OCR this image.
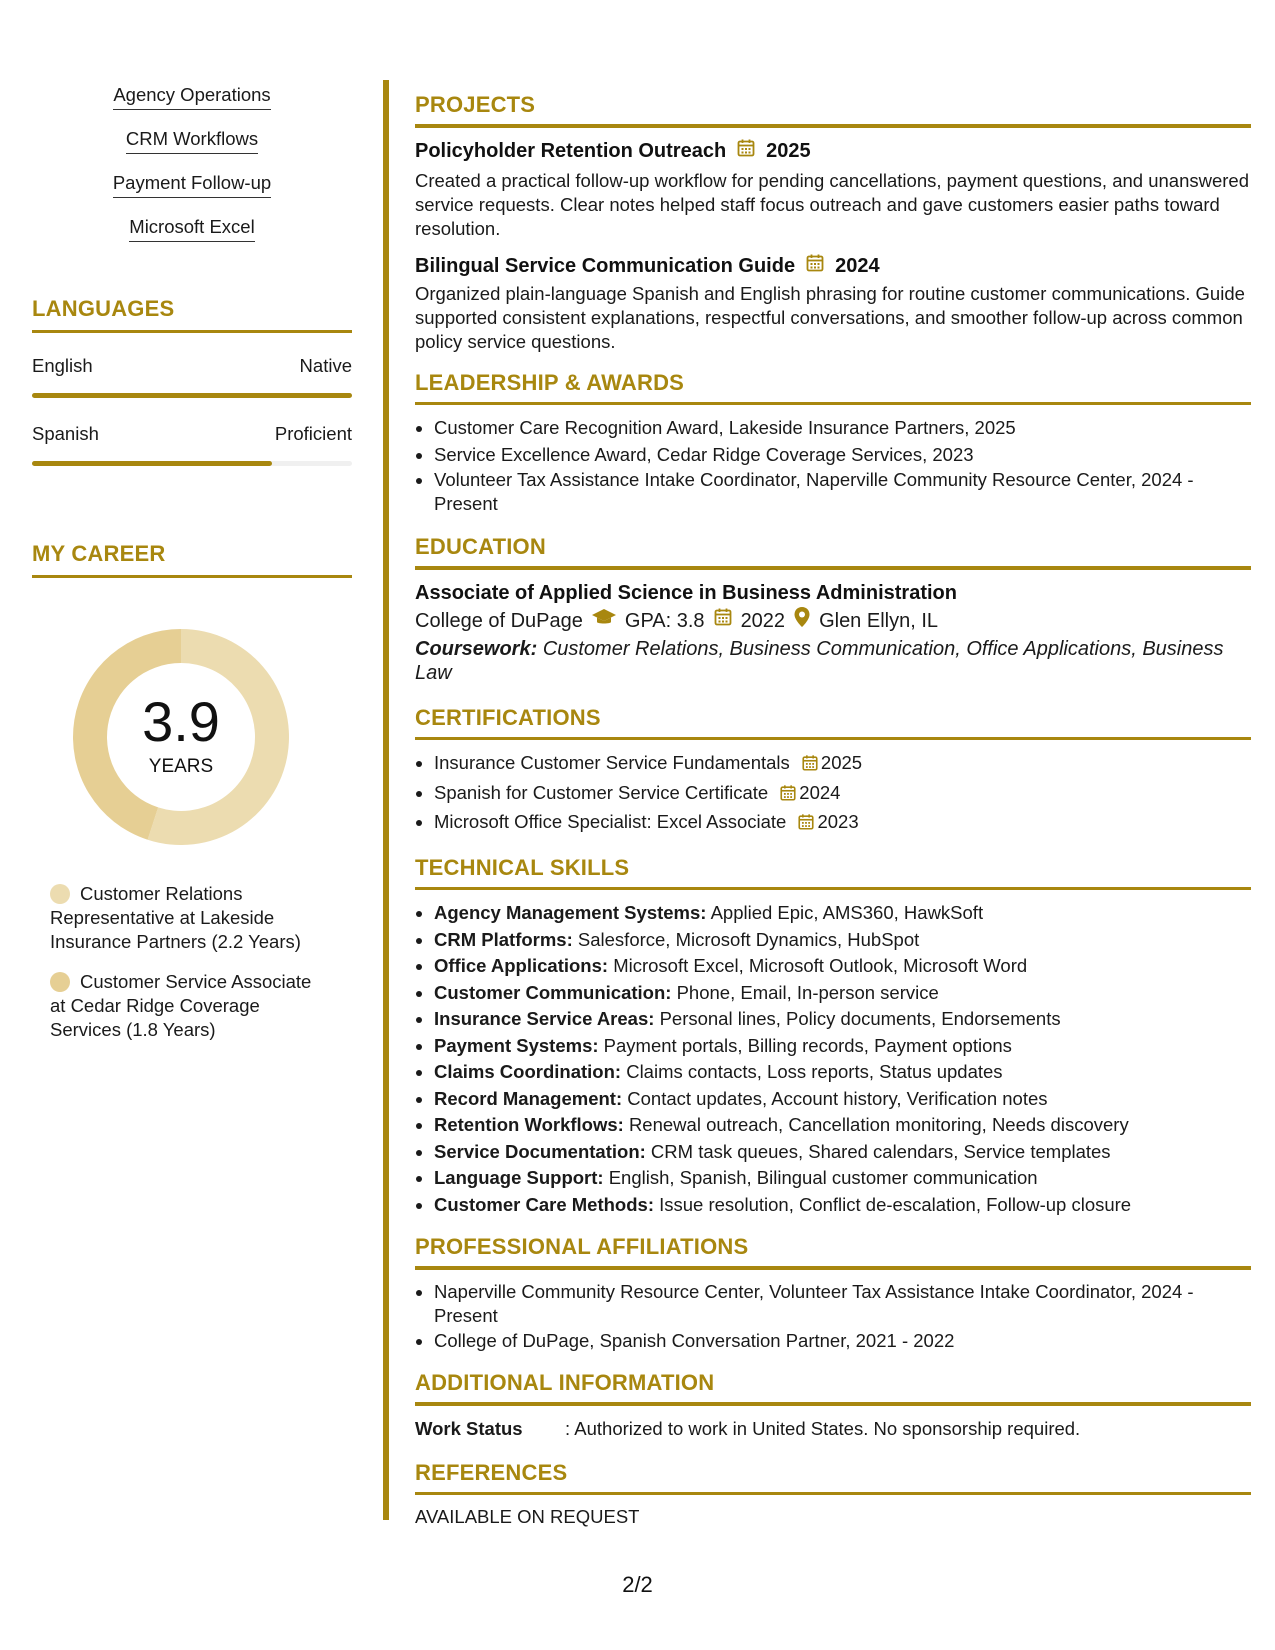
Agency Operations
CRM Workflows
Payment Follow-up
Microsoft Excel
LANGUAGES
English	Native
Spanish	Proficient
MY CAREER
3.9
YEARS
Customer Relations Representative at Lakeside Insurance Partners (2.2 Years)
Customer Service Associate at Cedar Ridge Coverage Services (1.8 Years)
PROJECTS
Policyholder Retention Outreach 2025
Created a practical follow-up workflow for pending cancellations, payment questions, and unanswered service requests. Clear notes helped staff focus outreach and gave customers easier paths toward resolution.
Bilingual Service Communication Guide 2024
Organized plain-language Spanish and English phrasing for routine customer communications. Guide supported consistent explanations, respectful conversations, and smoother follow-up across common policy service questions.
LEADERSHIP & AWARDS
• Customer Care Recognition Award, Lakeside Insurance Partners, 2025
• Service Excellence Award, Cedar Ridge Coverage Services, 2023
• Volunteer Tax Assistance Intake Coordinator, Naperville Community Resource Center, 2024 - Present
EDUCATION
Associate of Applied Science in Business Administration
College of DuPage GPA: 3.8 2022 Glen Ellyn, IL
Coursework: Customer Relations, Business Communication, Office Applications, Business Law
CERTIFICATIONS
• Insurance Customer Service Fundamentals 2025
• Spanish for Customer Service Certificate 2024
• Microsoft Office Specialist: Excel Associate 2023
TECHNICAL SKILLS
• Agency Management Systems: Applied Epic, AMS360, HawkSoft
• CRM Platforms: Salesforce, Microsoft Dynamics, HubSpot
• Office Applications: Microsoft Excel, Microsoft Outlook, Microsoft Word
• Customer Communication: Phone, Email, In-person service
• Insurance Service Areas: Personal lines, Policy documents, Endorsements
• Payment Systems: Payment portals, Billing records, Payment options
• Claims Coordination: Claims contacts, Loss reports, Status updates
• Record Management: Contact updates, Account history, Verification notes
• Retention Workflows: Renewal outreach, Cancellation monitoring, Needs discovery
• Service Documentation: CRM task queues, Shared calendars, Service templates
• Language Support: English, Spanish, Bilingual customer communication
• Customer Care Methods: Issue resolution, Conflict de-escalation, Follow-up closure
PROFESSIONAL AFFILIATIONS
• Naperville Community Resource Center, Volunteer Tax Assistance Intake Coordinator, 2024 - Present
• College of DuPage, Spanish Conversation Partner, 2021 - 2022
ADDITIONAL INFORMATION
Work Status	: Authorized to work in United States. No sponsorship required.
REFERENCES
AVAILABLE ON REQUEST
2/2
